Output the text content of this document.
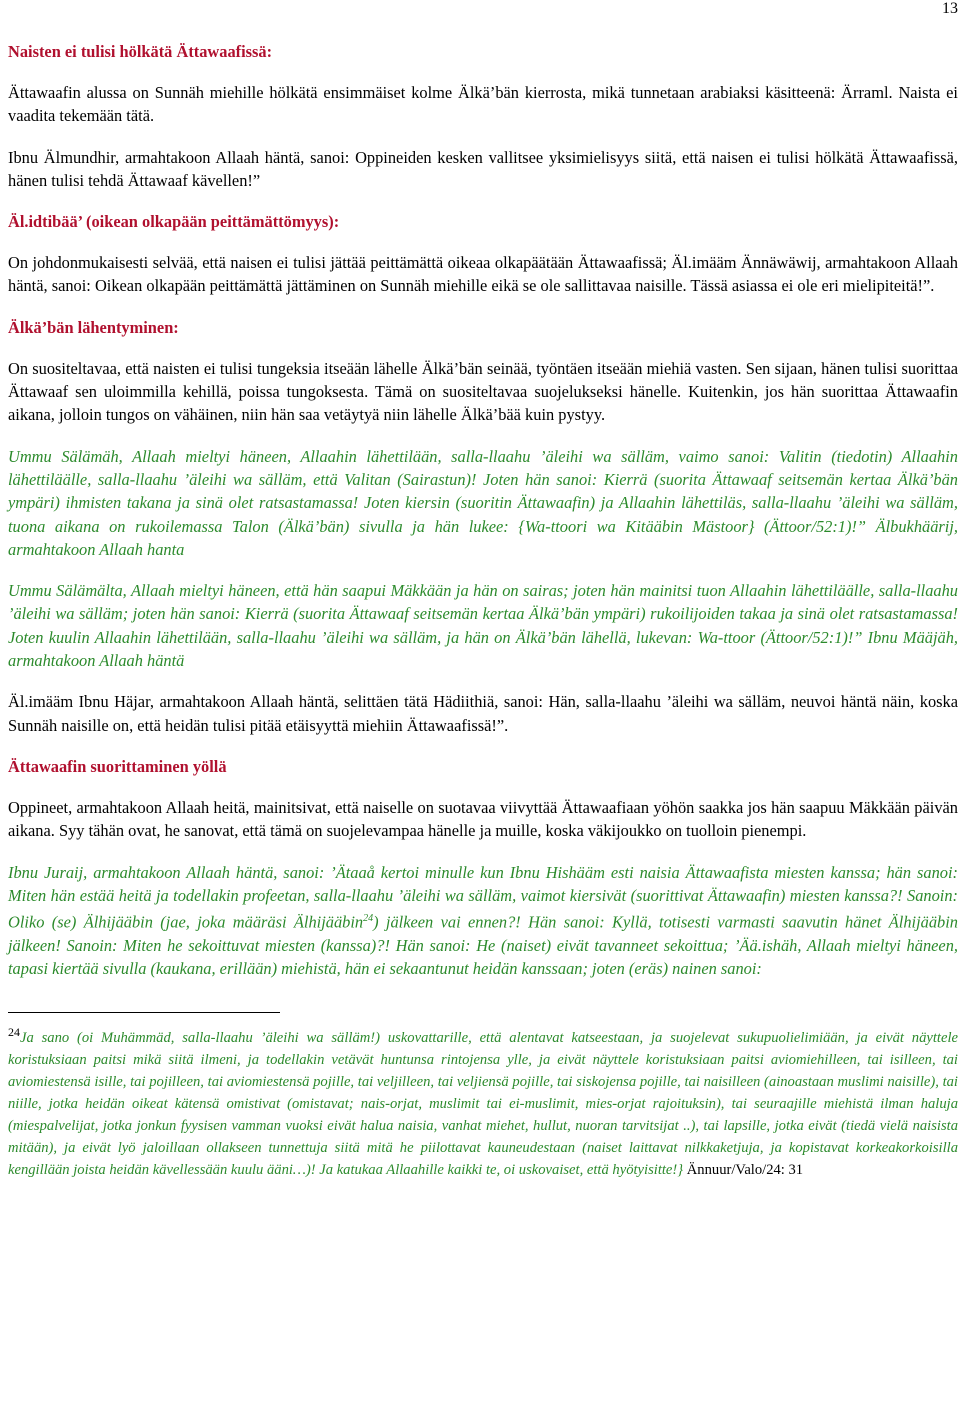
13
Naisten ei tulisi hölkätä Ättawaafissä:

Ättawaafin alussa on Sunnäh miehille hölkätä ensimmäiset kolme Älkä’bän kierrosta, mikä tunnetaan arabiaksi käsitteenä: Ärraml. Naista ei vaadita tekemään tätä.

Ibnu Älmundhir, armahtakoon Allaah häntä, sanoi: Oppineiden kesken vallitsee yksimielisyys siitä, että naisen ei tulisi hölkätä Ättawaafissä, hänen tulisi tehdä Ättawaaf kävellen!”

Äl.idtibää’ (oikean olkapään peittämättömyys):

On johdonmukaisesti selvää, että naisen ei tulisi jättää peittämättä oikeaa olkapäätään Ättawaafissä; Äl.imääm Ännäwäwij, armahtakoon Allaah häntä, sanoi: Oikean olkapään peittämättä jättäminen on Sunnäh miehille eikä se ole sallittavaa naisille. Tässä asiassa ei ole eri mielipiteitä!”.

Älkä’bän lähentyminen:

On suositeltavaa, että naisten ei tulisi tungeksia itseään lähelle Älkä’bän seinää, työntäen itseään miehiä vasten. Sen sijaan, hänen tulisi suorittaa Ättawaaf sen uloimmilla kehillä, poissa tungoksesta. Tämä on suositeltavaa suojelukseksi hänelle. Kuitenkin, jos hän suorittaa Ättawaafin aikana, jolloin tungos on vähäinen, niin hän saa vetäytyä niin lähelle Älkä’bää kuin pystyy.

Ummu Sälämäh, Allaah mieltyi häneen, Allaahin lähettilään, salla-llaahu ’äleihi wa sälläm, vaimo sanoi: Valitin (tiedotin) Allaahin lähettiläälle, salla-llaahu ’äleihi wa sälläm, että Valitan (Sairastun)! Joten hän sanoi: Kierrä (suorita Ättawaaf seitsemän kertaa Älkä’bän ympäri) ihmisten takana ja sinä olet ratsastamassa! Joten kiersin (suoritin Ättawaafin) ja Allaahin lähettiläs, salla-llaahu ’äleihi wa sälläm, tuona aikana on rukoilemassa Talon (Älkä’bän) sivulla ja hän lukee: {Wa-ttoori wa Kitääbin Mästoor} (Ättoor/52:1)!” Älbukhäärij, armahtakoon Allaah hanta

Ummu Sälämälta, Allaah mieltyi häneen, että hän saapui Mäkkään ja hän on sairas; joten hän mainitsi tuon Allaahin lähettiläälle, salla-llaahu ’äleihi wa sälläm; joten hän sanoi: Kierrä (suorita Ättawaaf seitsemän kertaa Älkä’bän ympäri) rukoilijoiden takaa ja sinä olet ratsastamassa! Joten kuulin Allaahin lähettilään, salla-llaahu ’äleihi wa sälläm, ja hän on Älkä’bän lähellä, lukevan: Wa-ttoor (Ättoor/52:1)!” Ibnu Määjäh, armahtakoon Allaah häntä

Äl.imääm Ibnu Häjar, armahtakoon Allaah häntä, selittäen tätä Hädiithiä, sanoi: Hän, salla-llaahu ’äleihi wa sälläm, neuvoi häntä näin, koska Sunnäh naisille on, että heidän tulisi pitää etäisyyttä miehiin Ättawaafissä!”.

Ättawaafin suorittaminen yöllä

Oppineet, armahtakoon Allaah heitä, mainitsivat, että naiselle on suotavaa viivyttää Ättawaafiaan yöhön saakka jos hän saapuu Mäkkään päivän aikana. Syy tähän ovat, he sanovat, että tämä on suojelevampaa hänelle ja muille, koska väkijoukko on tuolloin pienempi.

Ibnu Juraij, armahtakoon Allaah häntä, sanoi: ’Ätaaå kertoi minulle kun Ibnu Hishääm esti naisia Ättawaafista miesten kanssa; hän sanoi: Miten hän estää heitä ja todellakin profeetan, salla-llaahu ’äleihi wa sälläm, vaimot kiersivät (suorittivat Ättawaafin) miesten kanssa?! Sanoin: Oliko (se) Älhijääbin (jae, joka määräsi Älhijääbin$^{24}$) jälkeen vai ennen?! Hän sanoi: Kyllä, totisesti varmasti saavutin hänet Älhijääbin jälkeen! Sanoin: Miten he sekoittuvat miesten (kanssa)?! Hän sanoi: He (naiset) eivät tavanneet sekoittua; ’Ää.ishäh, Allaah mieltyi häneen, tapasi kiertää sivulla (kaukana, erillään) miehistä, hän ei sekaantunut heidän kanssaan; joten (eräs) nainen sanoi:

$^{24}$Ja sano (oi Muhämmäd, salla-llaahu ’äleihi wa sälläm!) uskovattarille, että alentavat katseestaan, ja suojelevat sukupuolielimiään, ja eivät näyttele koristuksiaan paitsi mikä siitä ilmeni, ja todellakin vetävät huntunsa rintojensa ylle, ja eivät näyttele koristuksiaan paitsi aviomiehilleen, tai isilleen, tai aviomiestensä isille, tai pojilleen, tai aviomiestensä pojille, tai veljilleen, tai veljiensä pojille, tai siskojensa pojille, tai naisilleen (ainoastaan muslimi naisille), tai niille, jotka heidän oikeat kätensä omistivat (omistavat; nais-orjat, muslimit tai ei-muslimit, mies-orjat rajoituksin), tai seuraajille miehistä ilman haluja (miespalvelijat, jotka jonkun fyysisen vamman vuoksi eivät halua naisia, vanhat miehet, hullut, nuoran tarvitsijat ..), tai lapsille, jotka eivät (tiedä vielä naisista mitään), ja eivät lyö jaloillaan ollakseen tunnettuja siitä mitä he piilottavat kauneudestaan (naiset laittavat nilkkaketjuja, ja kopistavat korkeakorkoisilla kengillään joista heidän kävellessään kuulu ääni…)! Ja katukaa Allaahille kaikki te, oi uskovaiset, että hyötyisitte!} Ännuur/Valo/24: 31
